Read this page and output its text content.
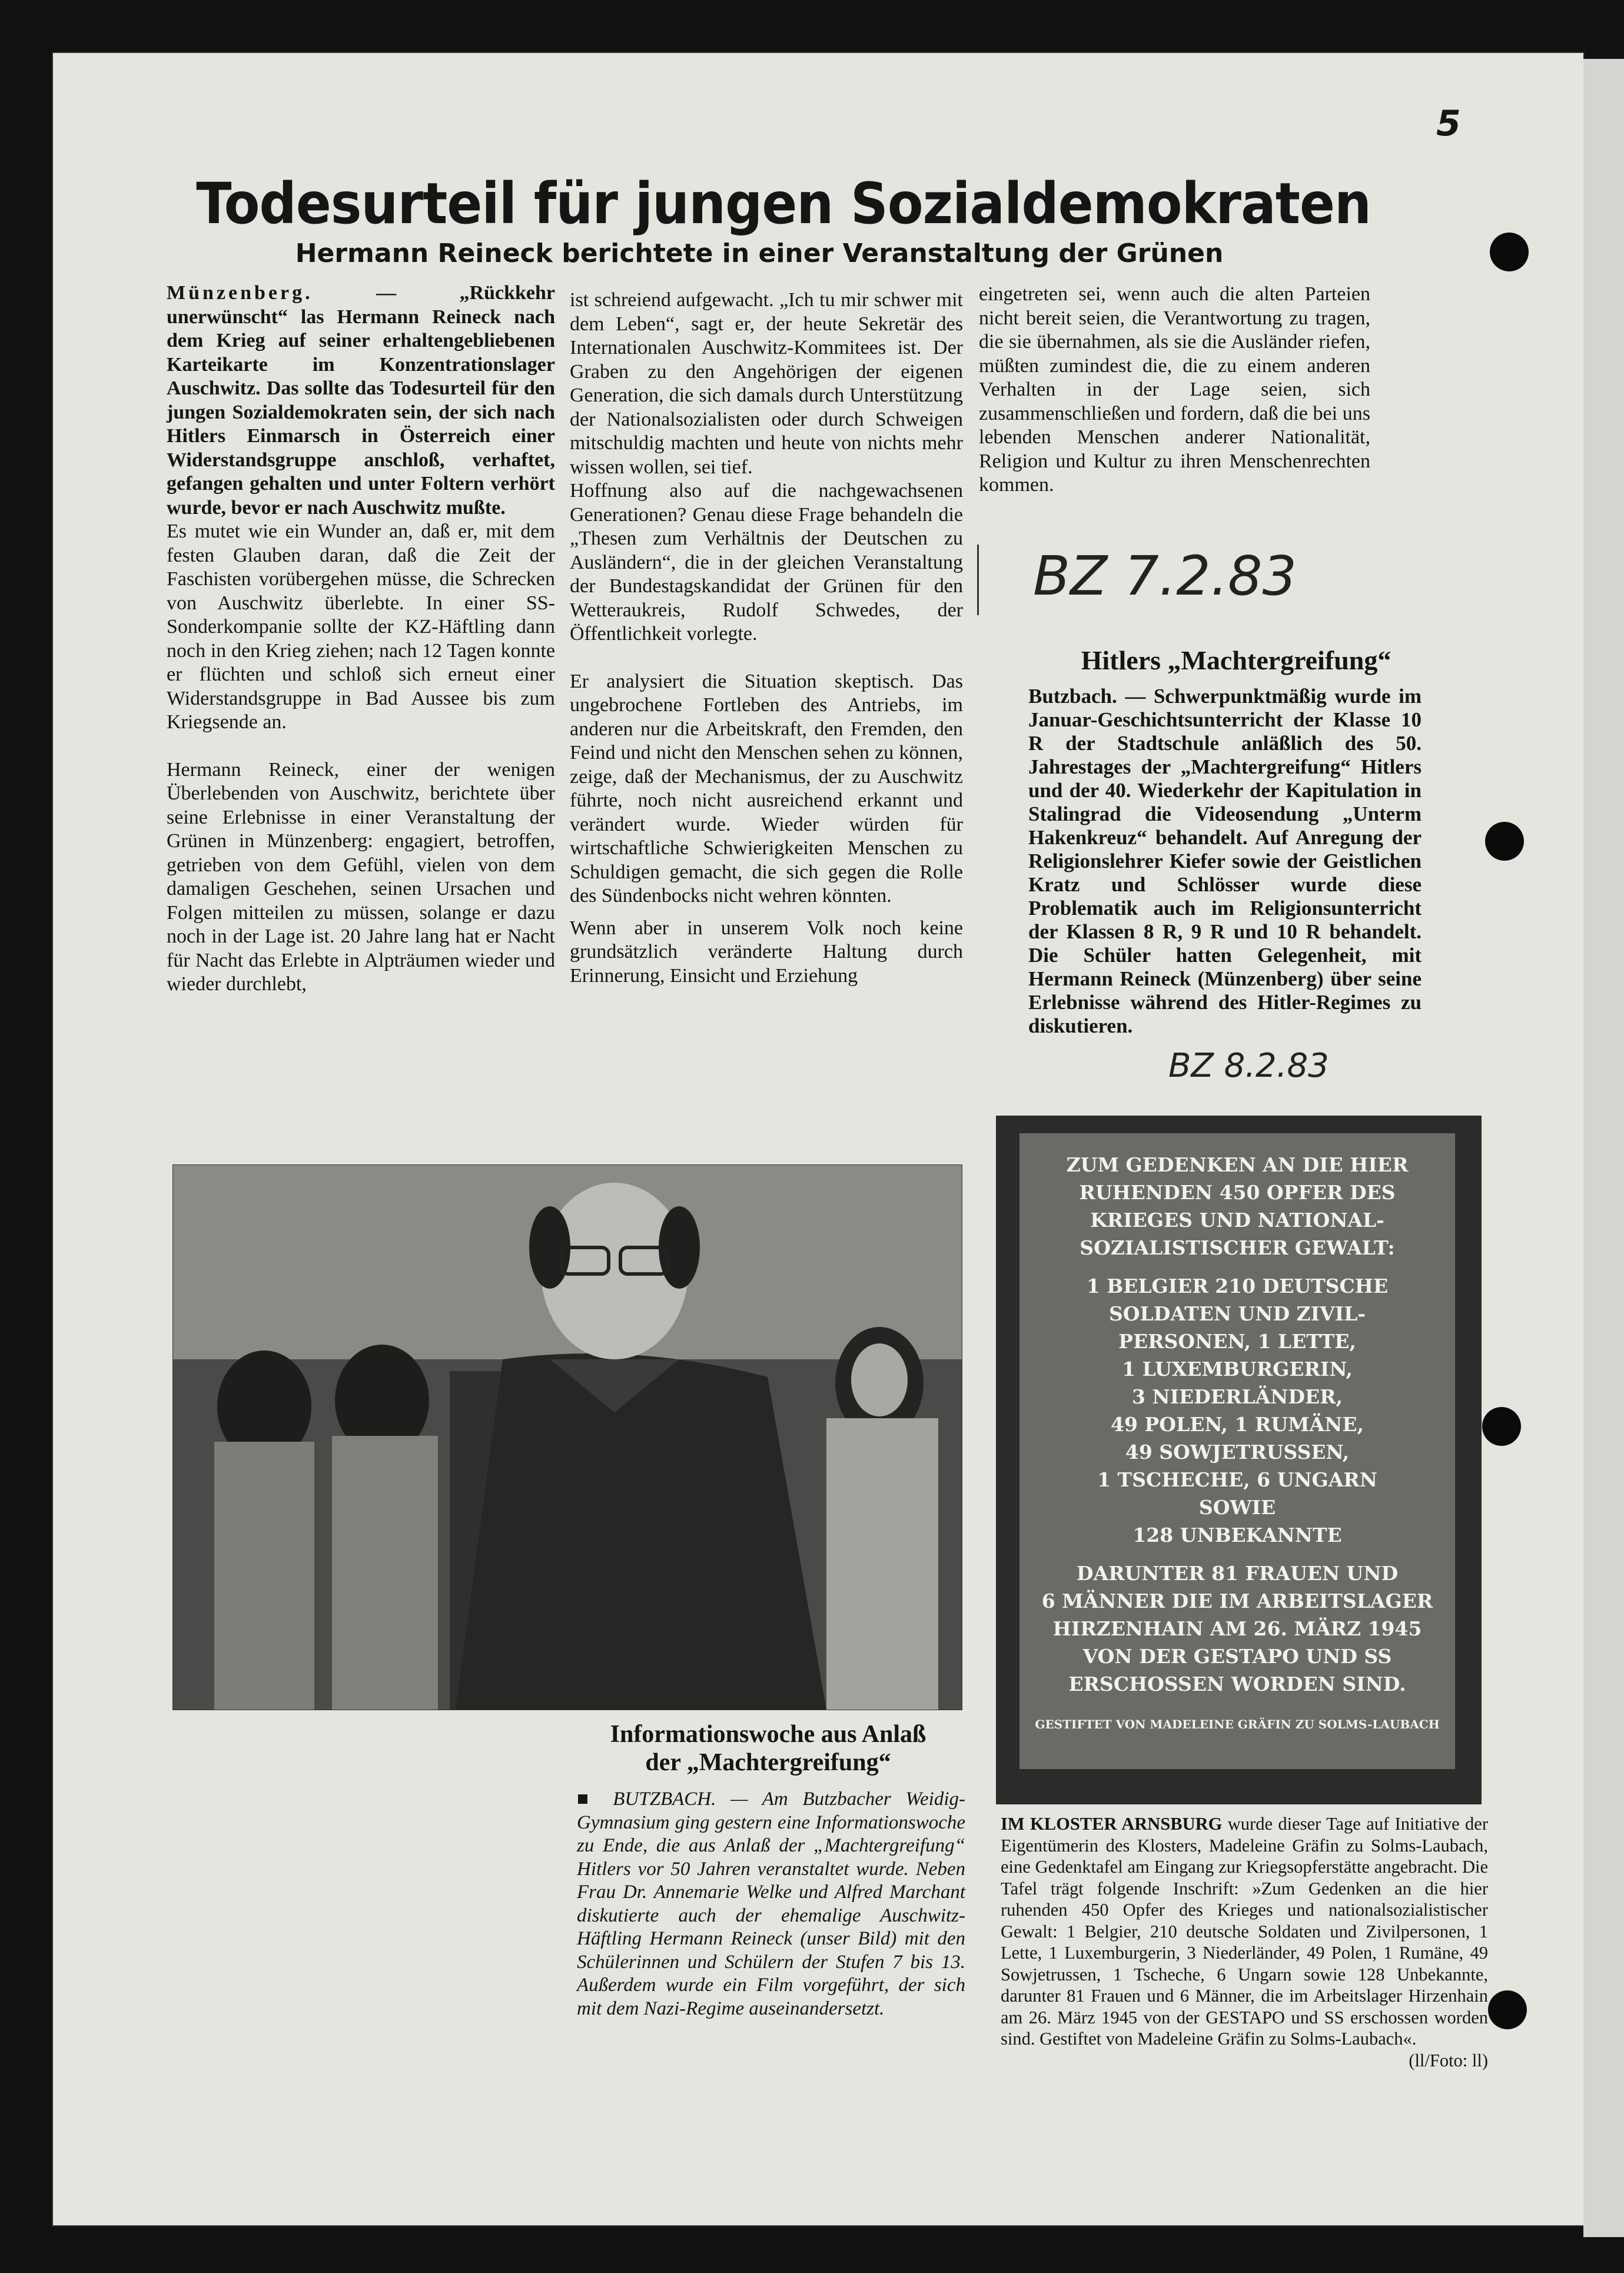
5
Todesurteil für jungen Sozialdemokraten
Hermann Reineck berichtete in einer Veranstaltung der Grünen

Münzenberg. — „Rückkehr unerwünscht“ las Hermann Reineck nach dem Krieg auf seiner erhaltengebliebenen Karteikarte im Konzentrationslager Auschwitz. Das sollte das Todesurteil für den jungen Sozialdemokraten sein, der sich nach Hitlers Einmarsch in Österreich einer Widerstandsgruppe anschloß, verhaftet, gefangen gehalten und unter Foltern verhört wurde, bevor er nach Auschwitz mußte.

Es mutet wie ein Wunder an, daß er, mit dem festen Glauben daran, daß die Zeit der Faschisten vorübergehen müsse, die Schrecken von Auschwitz überlebte. In einer SS-Sonderkompanie sollte der KZ-Häftling dann noch in den Krieg ziehen; nach 12 Tagen konnte er flüchten und schloß sich erneut einer Widerstandsgruppe in Bad Aussee bis zum Kriegsende an.

Hermann Reineck, einer der wenigen Überlebenden von Auschwitz, berichtete über seine Erlebnisse in einer Veranstaltung der Grünen in Münzenberg: engagiert, betroffen, getrieben von dem Gefühl, vielen von dem damaligen Geschehen, seinen Ursachen und Folgen mitteilen zu müssen, solange er dazu noch in der Lage ist. 20 Jahre lang hat er Nacht für Nacht das Erlebte in Alpträumen wieder und wieder durchlebt,

ist schreiend aufgewacht. „Ich tu mir schwer mit dem Leben“, sagt er, der heute Sekretär des Internationalen Auschwitz-Kommitees ist. Der Graben zu den Angehörigen der eigenen Generation, die sich damals durch Unterstützung der Nationalsozialisten oder durch Schweigen mitschuldig machten und heute von nichts mehr wissen wollen, sei tief.

Hoffnung also auf die nachgewachsenen Generationen? Genau diese Frage behandeln die „Thesen zum Verhältnis der Deutschen zu Ausländern“, die in der gleichen Veranstaltung der Bundestagskandidat der Grünen für den Wetteraukreis, Rudolf Schwedes, der Öffentlichkeit vorlegte.

Er analysiert die Situation skeptisch. Das ungebrochene Fortleben des Antriebs, im anderen nur die Arbeitskraft, den Fremden, den Feind und nicht den Menschen sehen zu können, zeige, daß der Mechanismus, der zu Auschwitz führte, noch nicht ausreichend erkannt und verändert wurde. Wieder würden für wirtschaftliche Schwierigkeiten Menschen zu Schuldigen gemacht, die sich gegen die Rolle des Sündenbocks nicht wehren könnten.

Wenn aber in unserem Volk noch keine grundsätzlich veränderte Haltung durch Erinnerung, Einsicht und Erziehung

eingetreten sei, wenn auch die alten Parteien nicht bereit seien, die Verantwortung zu tragen, die sie übernahmen, als sie die Ausländer riefen, müßten zumindest die, die zu einem anderen Verhalten in der Lage seien, sich zusammenschließen und fordern, daß die bei uns lebenden Menschen anderer Nationalität, Religion und Kultur zu ihren Menschenrechten kommen.

BZ 7.2.83
Hitlers „Machtergreifung“
Butzbach. — Schwerpunktmäßig wurde im Januar-Geschichtsunterricht der Klasse 10 R der Stadtschule anläßlich des 50. Jahrestages der „Machtergreifung“ Hitlers und der 40. Wiederkehr der Kapitulation in Stalingrad die Videosendung „Unterm Hakenkreuz“ behandelt. Auf Anregung der Religionslehrer Kiefer sowie der Geistlichen Kratz und Schlösser wurde diese Problematik auch im Religionsunterricht der Klassen 8 R, 9 R und 10 R behandelt. Die Schüler hatten Gelegenheit, mit Hermann Reineck (Münzenberg) über seine Erlebnisse während des Hitler-Regimes zu diskutieren.
BZ 8.2.83
Informationswoche aus Anlaß
der „Machtergreifung“
■ BUTZBACH. — Am Butzbacher Weidig-Gymnasium ging gestern eine Informationswoche zu Ende, die aus Anlaß der „Machtergreifung“ Hitlers vor 50 Jahren veranstaltet wurde. Neben Frau Dr. Annemarie Welke und Alfred Marchant diskutierte auch der ehemalige Auschwitz-Häftling Hermann Reineck (unser Bild) mit den Schülerinnen und Schülern der Stufen 7 bis 13. Außerdem wurde ein Film vorgeführt, der sich mit dem Nazi-Regime auseinandersetzt.
ZUM GEDENKEN AN DIE HIER
RUHENDEN 450 OPFER DES
KRIEGES UND NATIONAL-
SOZIALISTISCHER GEWALT:
1 BELGIER 210 DEUTSCHE
SOLDATEN UND ZIVIL-
PERSONEN, 1 LETTE,
1 LUXEMBURGERIN,
3 NIEDERLÄNDER,
49 POLEN, 1 RUMÄNE,
49 SOWJETRUSSEN,
1 TSCHECHE, 6 UNGARN
SOWIE
128 UNBEKANNTE
DARUNTER 81 FRAUEN UND
6 MÄNNER DIE IM ARBEITSLAGER
HIRZENHAIN AM 26. MÄRZ 1945
VON DER GESTAPO UND SS
ERSCHOSSEN WORDEN SIND.
GESTIFTET VON MADELEINE GRÄFIN ZU SOLMS-LAUBACH
IM KLOSTER ARNSBURG wurde dieser Tage auf Initiative der Eigentümerin des Klosters, Madeleine Gräfin zu Solms-Laubach, eine Gedenktafel am Eingang zur Kriegsopferstätte angebracht. Die Tafel trägt folgende Inschrift: »Zum Gedenken an die hier ruhenden 450 Opfer des Krieges und nationalsozialistischer Gewalt: 1 Belgier, 210 deutsche Soldaten und Zivilpersonen, 1 Lette, 1 Luxemburgerin, 3 Niederländer, 49 Polen, 1 Rumäne, 49 Sowjetrussen, 1 Tscheche, 6 Ungarn sowie 128 Unbekannte, darunter 81 Frauen und 6 Männer, die im Arbeitslager Hirzenhain am 26. März 1945 von der GESTAPO und SS erschossen worden sind. Gestiftet von Madeleine Gräfin zu Solms-Laubach«.
(ll/Foto: ll)
